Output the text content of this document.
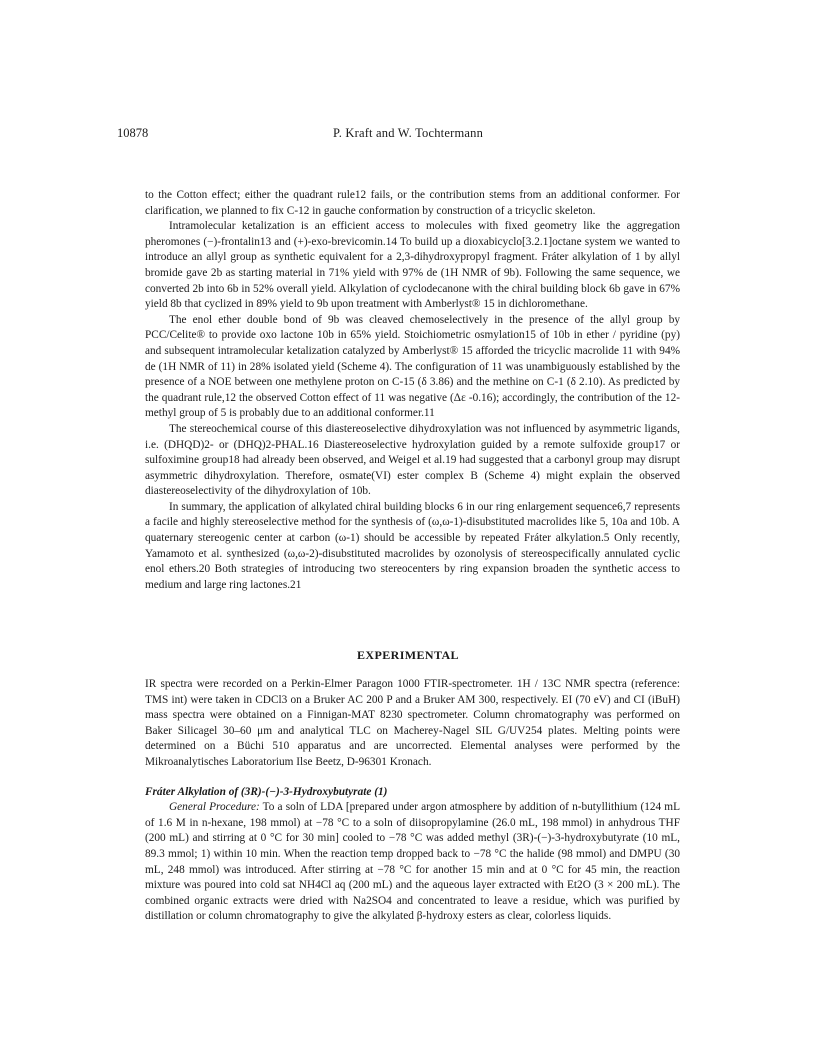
10878	P. Kraft and W. Tochtermann

to the Cotton effect; either the quadrant rule12 fails, or the contribution stems from an additional conformer. For clarification, we planned to fix C-12 in gauche conformation by construction of a tricyclic skeleton.

Intramolecular ketalization is an efficient access to molecules with fixed geometry like the aggregation pheromones (−)-frontalin13 and (+)-exo-brevicomin.14 To build up a dioxabicyclo[3.2.1]octane system we wanted to introduce an allyl group as synthetic equivalent for a 2,3-dihydroxypropyl fragment. Fráter alkylation of 1 by allyl bromide gave 2b as starting material in 71% yield with 97% de (1H NMR of 9b). Following the same sequence, we converted 2b into 6b in 52% overall yield. Alkylation of cyclodecanone with the chiral building block 6b gave in 67% yield 8b that cyclized in 89% yield to 9b upon treatment with Amberlyst® 15 in dichloromethane.

The enol ether double bond of 9b was cleaved chemoselectively in the presence of the allyl group by PCC/Celite® to provide oxo lactone 10b in 65% yield. Stoichiometric osmylation15 of 10b in ether / pyridine (py) and subsequent intramolecular ketalization catalyzed by Amberlyst® 15 afforded the tricyclic macrolide 11 with 94% de (1H NMR of 11) in 28% isolated yield (Scheme 4). The configuration of 11 was unambiguously established by the presence of a NOE between one methylene proton on C-15 (δ 3.86) and the methine on C-1 (δ 2.10). As predicted by the quadrant rule,12 the observed Cotton effect of 11 was negative (Δε -0.16); accordingly, the contribution of the 12-methyl group of 5 is probably due to an additional conformer.11

The stereochemical course of this diastereoselective dihydroxylation was not influenced by asymmetric ligands, i.e. (DHQD)2- or (DHQ)2-PHAL.16 Diastereoselective hydroxylation guided by a remote sulfoxide group17 or sulfoximine group18 had already been observed, and Weigel et al.19 had suggested that a carbonyl group may disrupt asymmetric dihydroxylation. Therefore, osmate(VI) ester complex B (Scheme 4) might explain the observed diastereoselectivity of the dihydroxylation of 10b.

In summary, the application of alkylated chiral building blocks 6 in our ring enlargement sequence6,7 represents a facile and highly stereoselective method for the synthesis of (ω,ω-1)-disubstituted macrolides like 5, 10a and 10b. A quaternary stereogenic center at carbon (ω-1) should be accessible by repeated Fráter alkylation.5 Only recently, Yamamoto et al. synthesized (ω,ω-2)-disubstituted macrolides by ozonolysis of stereospecifically annulated cyclic enol ethers.20 Both strategies of introducing two stereocenters by ring expansion broaden the synthetic access to medium and large ring lactones.21

EXPERIMENTAL

IR spectra were recorded on a Perkin-Elmer Paragon 1000 FTIR-spectrometer. 1H / 13C NMR spectra (reference: TMS int) were taken in CDCl3 on a Bruker AC 200 P and a Bruker AM 300, respectively. EI (70 eV) and CI (iBuH) mass spectra were obtained on a Finnigan-MAT 8230 spectrometer. Column chromatography was performed on Baker Silicagel 30–60 μm and analytical TLC on Macherey-Nagel SIL G/UV254 plates. Melting points were determined on a Büchi 510 apparatus and are uncorrected. Elemental analyses were performed by the Mikroanalytisches Laboratorium Ilse Beetz, D-96301 Kronach.

Fráter Alkylation of (3R)-(−)-3-Hydroxybutyrate (1)

General Procedure: To a soln of LDA [prepared under argon atmosphere by addition of n-butyllithium (124 mL of 1.6 M in n-hexane, 198 mmol) at −78 °C to a soln of diisopropylamine (26.0 mL, 198 mmol) in anhydrous THF (200 mL) and stirring at 0 °C for 30 min] cooled to −78 °C was added methyl (3R)-(−)-3-hydroxybutyrate (10 mL, 89.3 mmol; 1) within 10 min. When the reaction temp dropped back to −78 °C the halide (98 mmol) and DMPU (30 mL, 248 mmol) was introduced. After stirring at −78 °C for another 15 min and at 0 °C for 45 min, the reaction mixture was poured into cold sat NH4Cl aq (200 mL) and the aqueous layer extracted with Et2O (3 × 200 mL). The combined organic extracts were dried with Na2SO4 and concentrated to leave a residue, which was purified by distillation or column chromatography to give the alkylated β-hydroxy esters as clear, colorless liquids.
